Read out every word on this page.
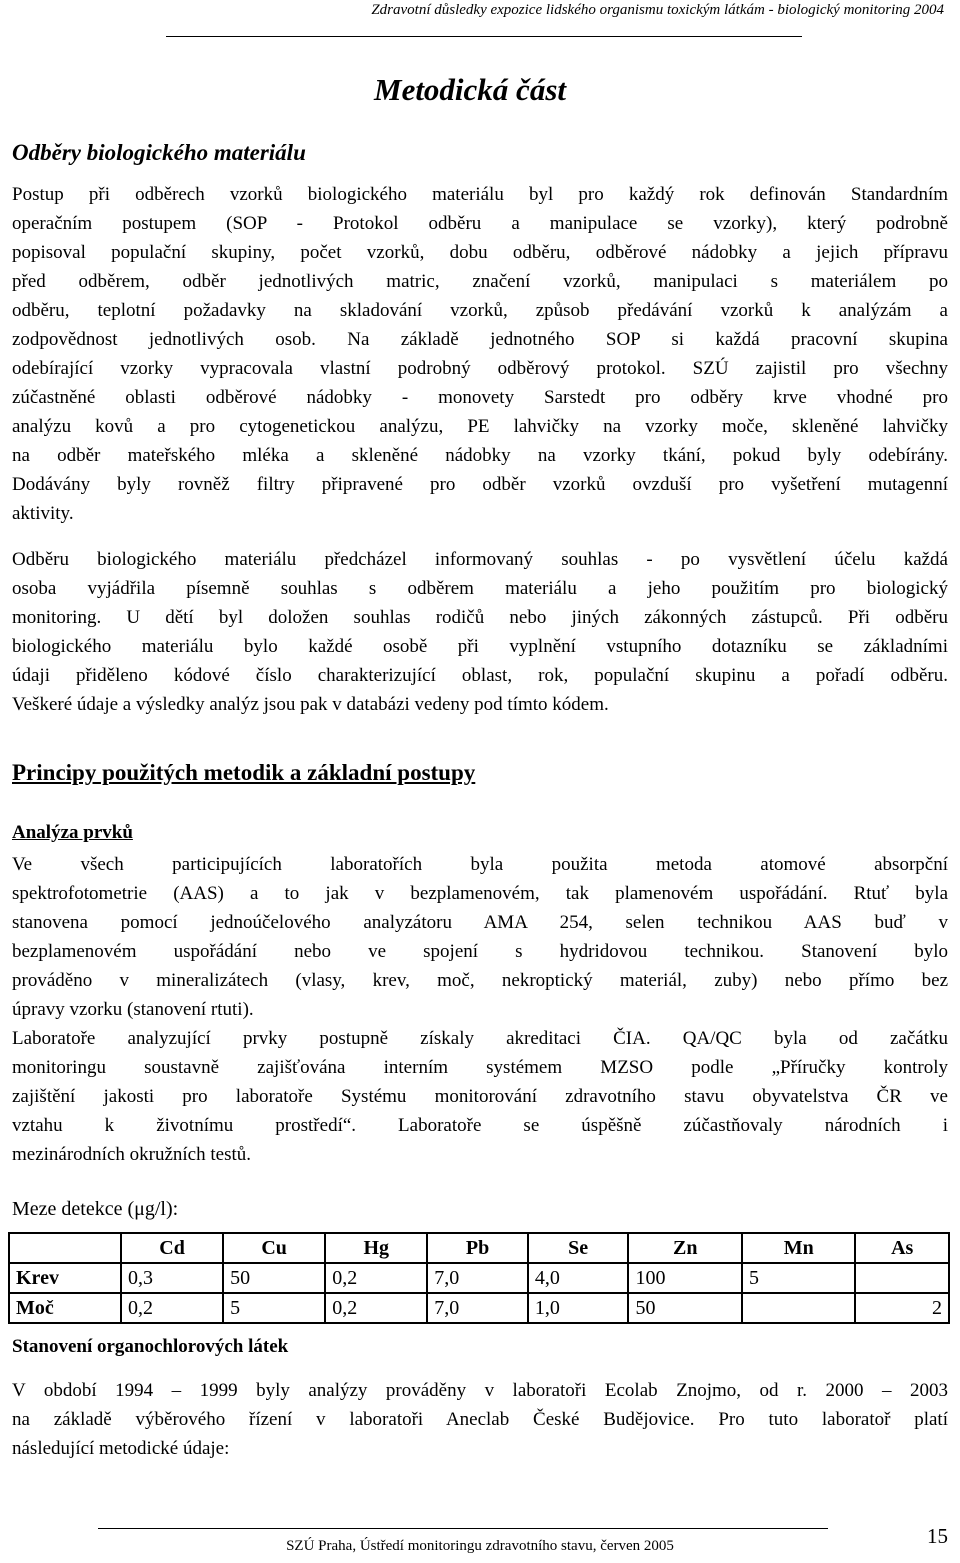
Zdravotní důsledky expozice lidského organismu toxickým látkám - biologický monitoring 2004
Metodická část
Odběry biologického materiálu
Postup při odběrech vzorků biologického materiálu byl pro každý rok definován Standardním
operačním postupem (SOP - Protokol odběru a manipulace se vzorky), který podrobně
popisoval populační skupiny, počet vzorků, dobu odběru, odběrové nádobky a jejich přípravu
před odběrem, odběr jednotlivých matric, značení vzorků, manipulaci s materiálem po
odběru, teplotní požadavky na skladování vzorků, způsob předávání vzorků k analýzám a
zodpovědnost jednotlivých osob. Na základě jednotného SOP si každá pracovní skupina
odebírající vzorky vypracovala vlastní podrobný odběrový protokol. SZÚ zajistil pro všechny
zúčastněné oblasti odběrové nádobky - monovety Sarstedt pro odběry krve vhodné pro
analýzu kovů a pro cytogenetickou analýzu, PE lahvičky na vzorky moče, skleněné lahvičky
na odběr mateřského mléka a skleněné nádobky na vzorky tkání, pokud byly odebírány.
Dodávány byly rovněž filtry připravené pro odběr vzorků ovzduší pro vyšetření mutagenní
aktivity.
Odběru biologického materiálu předcházel informovaný souhlas - po vysvětlení účelu každá
osoba vyjádřila písemně souhlas s odběrem materiálu a jeho použitím pro biologický
monitoring. U dětí byl doložen souhlas rodičů nebo jiných zákonných zástupců. Při odběru
biologického materiálu bylo každé osobě při vyplnění vstupního dotazníku se základními
údaji přiděleno kódové číslo charakterizující oblast, rok, populační skupinu a pořadí odběru.
Veškeré údaje a výsledky analýz jsou pak v databázi vedeny pod tímto kódem.
Principy použitých metodik a základní postupy
Analýza prvků
Ve všech participujících laboratořích byla použita metoda atomové absorpční
spektrofotometrie (AAS) a to jak v bezplamenovém, tak plamenovém uspořádání. Rtuť byla
stanovena pomocí jednoúčelového analyzátoru AMA 254, selen technikou AAS buď v
bezplamenovém uspořádání nebo ve spojení s hydridovou technikou. Stanovení bylo
prováděno v mineralizátech (vlasy, krev, moč, nekroptický materiál, zuby) nebo přímo bez
úpravy vzorku (stanovení rtuti).
Laboratoře analyzující prvky postupně získaly akreditaci ČIA. QA/QC byla od začátku
monitoringu soustavně zajišťována interním systémem MZSO podle „Příručky kontroly
zajištění jakosti pro laboratoře Systému monitorování zdravotního stavu obyvatelstva ČR ve
vztahu k životnímu prostředí“. Laboratoře se úspěšně zúčastňovaly národních i
mezinárodních okružních testů.
Meze detekce (μg/l):
	Cd	Cu	Hg	Pb	Se	Zn	Mn	As
Krev	0,3	50	0,2	7,0	4,0	100	5	
Moč	0,2	5	0,2	7,0	1,0	50		2
Stanovení organochlorových látek
V období 1994 – 1999 byly analýzy prováděny v laboratoři Ecolab Znojmo, od r. 2000 – 2003
na základě výběrového řízení v laboratoři Aneclab České Budějovice. Pro tuto laboratoř platí
následující metodické údaje:
SZÚ Praha, Ústředí monitoringu zdravotního stavu, červen 2005	15
